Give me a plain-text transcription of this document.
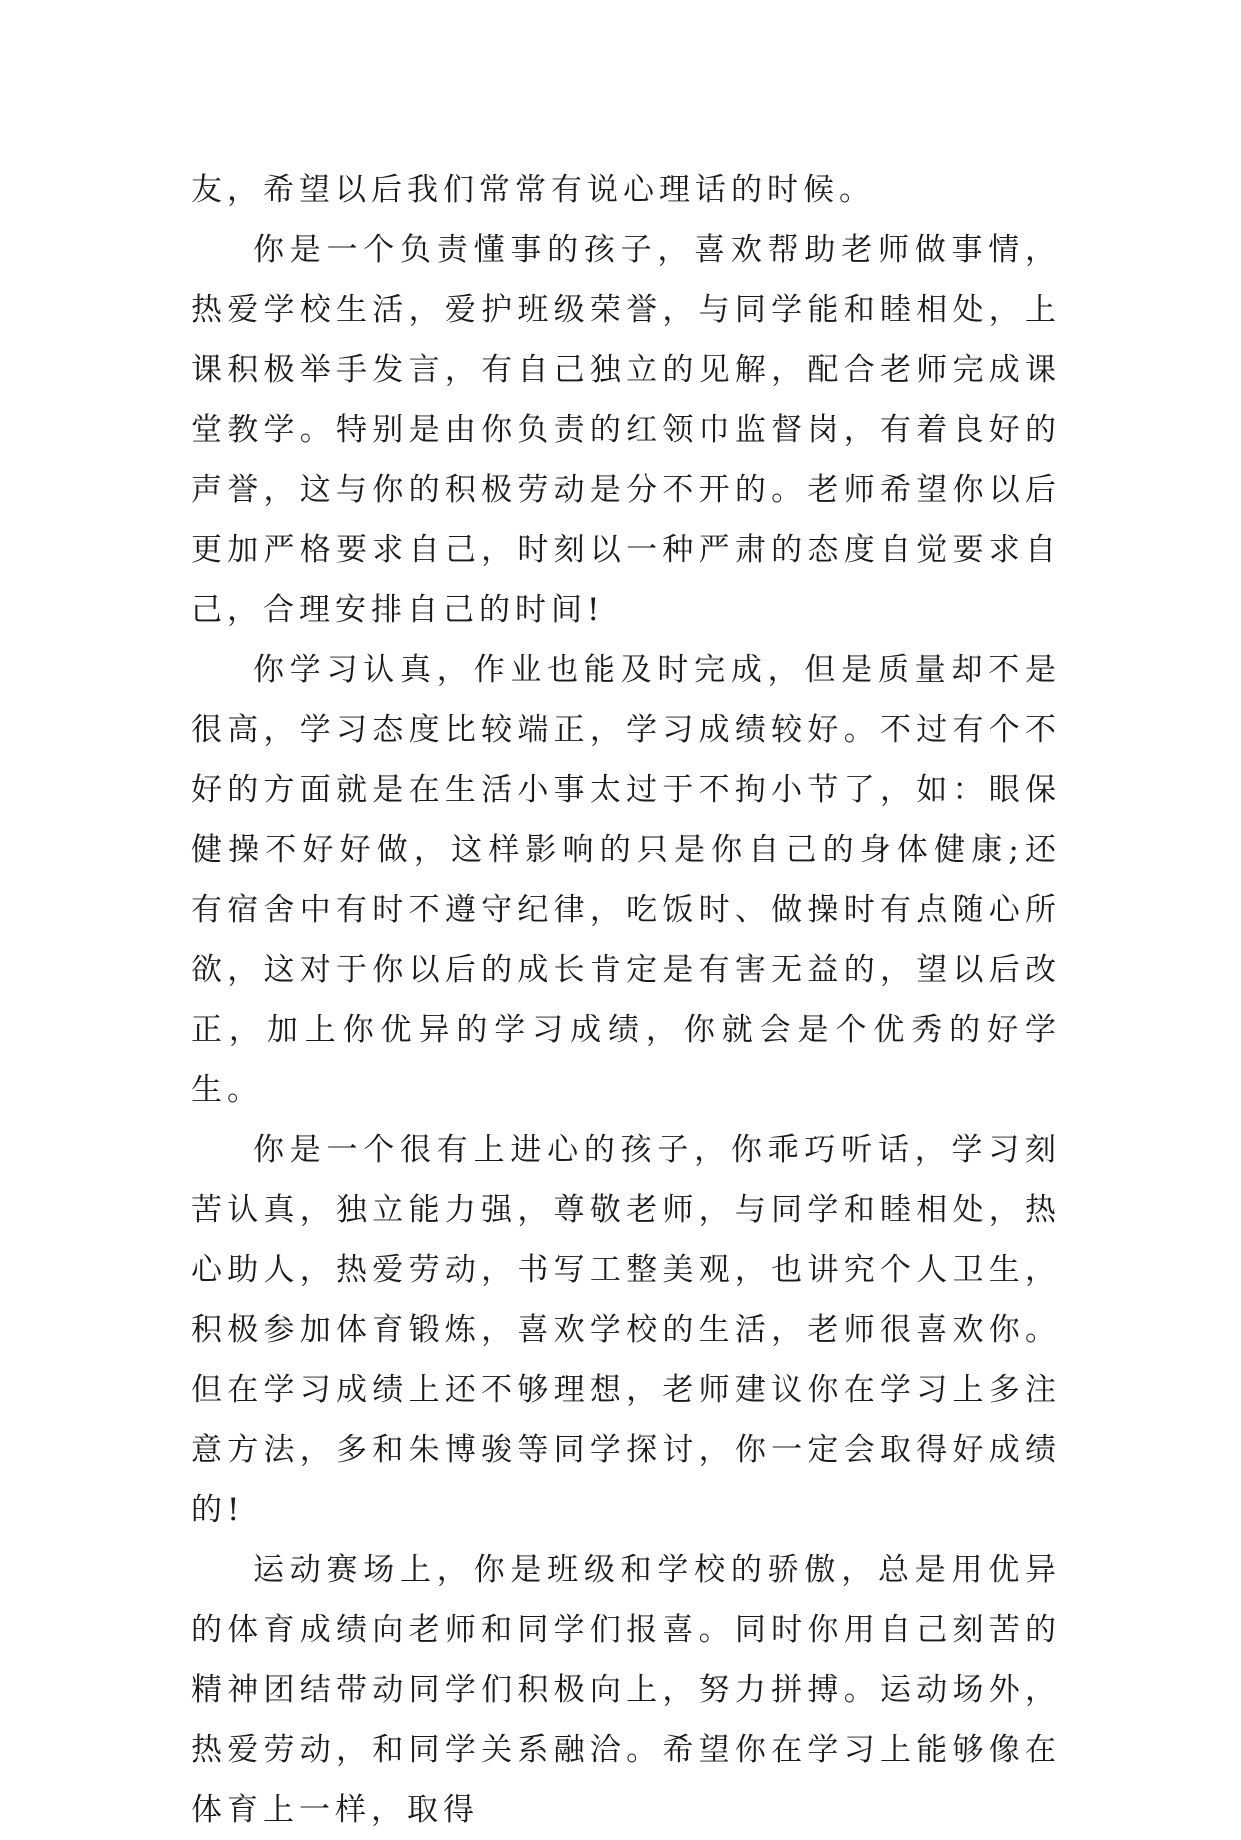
友，希望以后我们常常有说心理话的时候。

你是一个负责懂事的孩子，喜欢帮助老师做事情，热爱学校生活，爱护班级荣誉，与同学能和睦相处，上课积极举手发言，有自己独立的见解，配合老师完成课堂教学。特别是由你负责的红领巾监督岗，有着良好的声誉，这与你的积极劳动是分不开的。老师希望你以后更加严格要求自己，时刻以一种严肃的态度自觉要求自己，合理安排自己的时间!

你学习认真，作业也能及时完成，但是质量却不是很高，学习态度比较端正，学习成绩较好。不过有个不好的方面就是在生活小事太过于不拘小节了，如：眼保健操不好好做，这样影响的只是你自己的身体健康;还有宿舍中有时不遵守纪律，吃饭时、做操时有点随心所欲，这对于你以后的成长肯定是有害无益的，望以后改正，加上你优异的学习成绩，你就会是个优秀的好学生。

你是一个很有上进心的孩子，你乖巧听话，学习刻苦认真，独立能力强，尊敬老师，与同学和睦相处，热心助人，热爱劳动，书写工整美观，也讲究个人卫生，积极参加体育锻炼，喜欢学校的生活，老师很喜欢你。但在学习成绩上还不够理想，老师建议你在学习上多注意方法，多和朱博骏等同学探讨，你一定会取得好成绩的!

运动赛场上，你是班级和学校的骄傲，总是用优异的体育成绩向老师和同学们报喜。同时你用自己刻苦的精神团结带动同学们积极向上，努力拼搏。运动场外，热爱劳动，和同学关系融洽。希望你在学习上能够像在体育上一样，取得
